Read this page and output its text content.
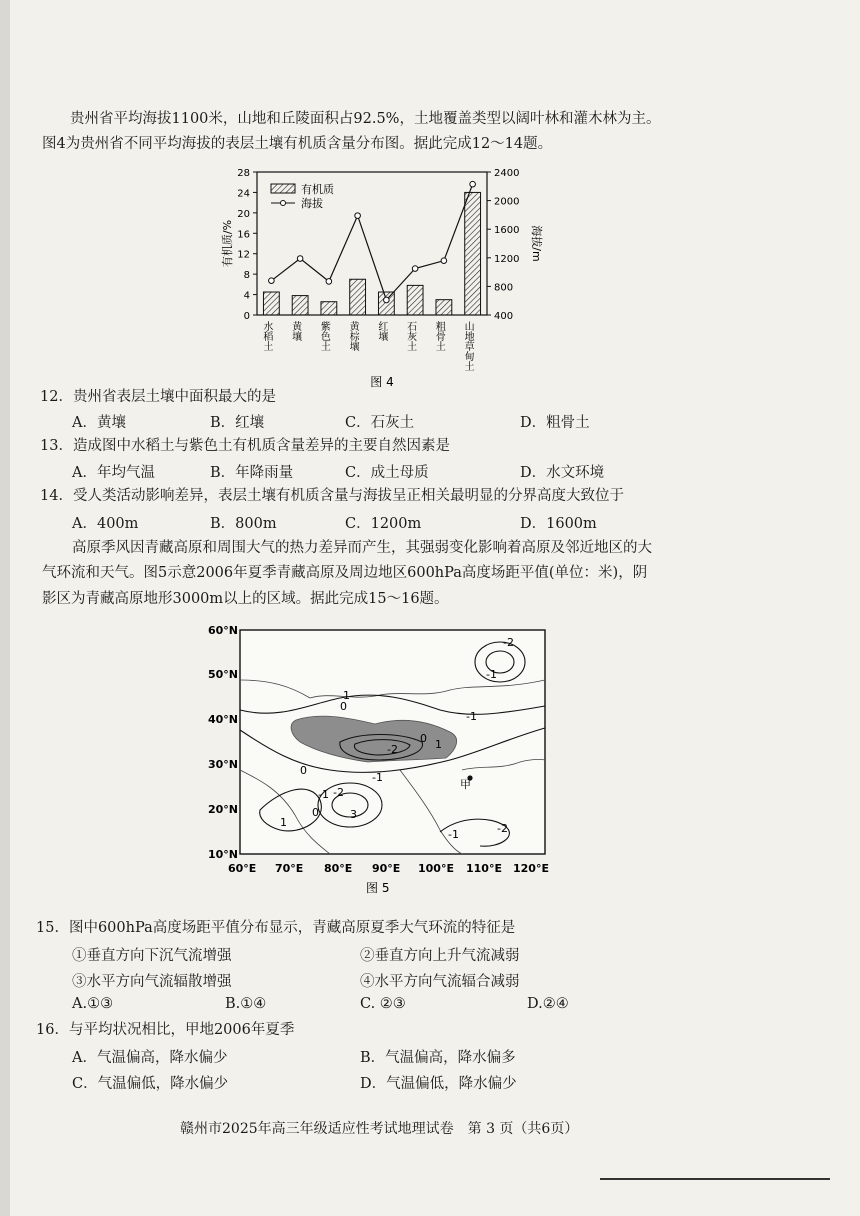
贵州省平均海拔1100米，山地和丘陵面积占92.5%，土地覆盖类型以阔叶林和灌木林为主。
图4为贵州省不同平均海拔的表层土壤有机质含量分布图。据此完成12～14题。
0
4
8
12
16
20
24
28
400
800
1200
1600
2000
2400
有机质/%	海拔/m
水稻土 黄壤 紫色土 黄棕壤 红壤 石灰土 粗骨土 山地草甸土
有机质
海拔
图 4
12．贵州省表层土壤中面积最大的是
A．黄壤	B．红壤	C．石灰土	D．粗骨土
13．造成图中水稻土与紫色土有机质含量差异的主要自然因素是
A．年均气温	B．年降雨量	C．成土母质	D．水文环境
14．受人类活动影响差异，表层土壤有机质含量与海拔呈正相关最明显的分界高度大致位于
A．400m	B．800m	C．1200m	D．1600m
高原季风因青藏高原和周围大气的热力差异而产生，其强弱变化影响着高原及邻近地区的大
气环流和天气。图5示意2006年夏季青藏高原及周边地区600hPa高度场距平值(单位：米)，阴
影区为青藏高原地形3000m以上的区域。据此完成15～16题。
甲
-2
1
0
-1
0
-2
-1
0
-1
0
-1 -2
3
1
-1	-2
1
60°N
50°N
40°N
30°N
20°N
10°N
60°E 70°E 80°E 90°E 100°E 110°E 120°E
图 5
15．图中600hPa高度场距平值分布显示，青藏高原夏季大气环流的特征是
①垂直方向下沉气流增强	②垂直方向上升气流减弱
③水平方向气流辐散增强	④水平方向气流辐合减弱
A.①③	B.①④	C. ②③	D.②④
16．与平均状况相比，甲地2006年夏季
A．气温偏高，降水偏少	B．气温偏高，降水偏多
C．气温偏低，降水偏少	D．气温偏低，降水偏少
赣州市2025年高三年级适应性考试地理试卷　第 3 页（共6页）
